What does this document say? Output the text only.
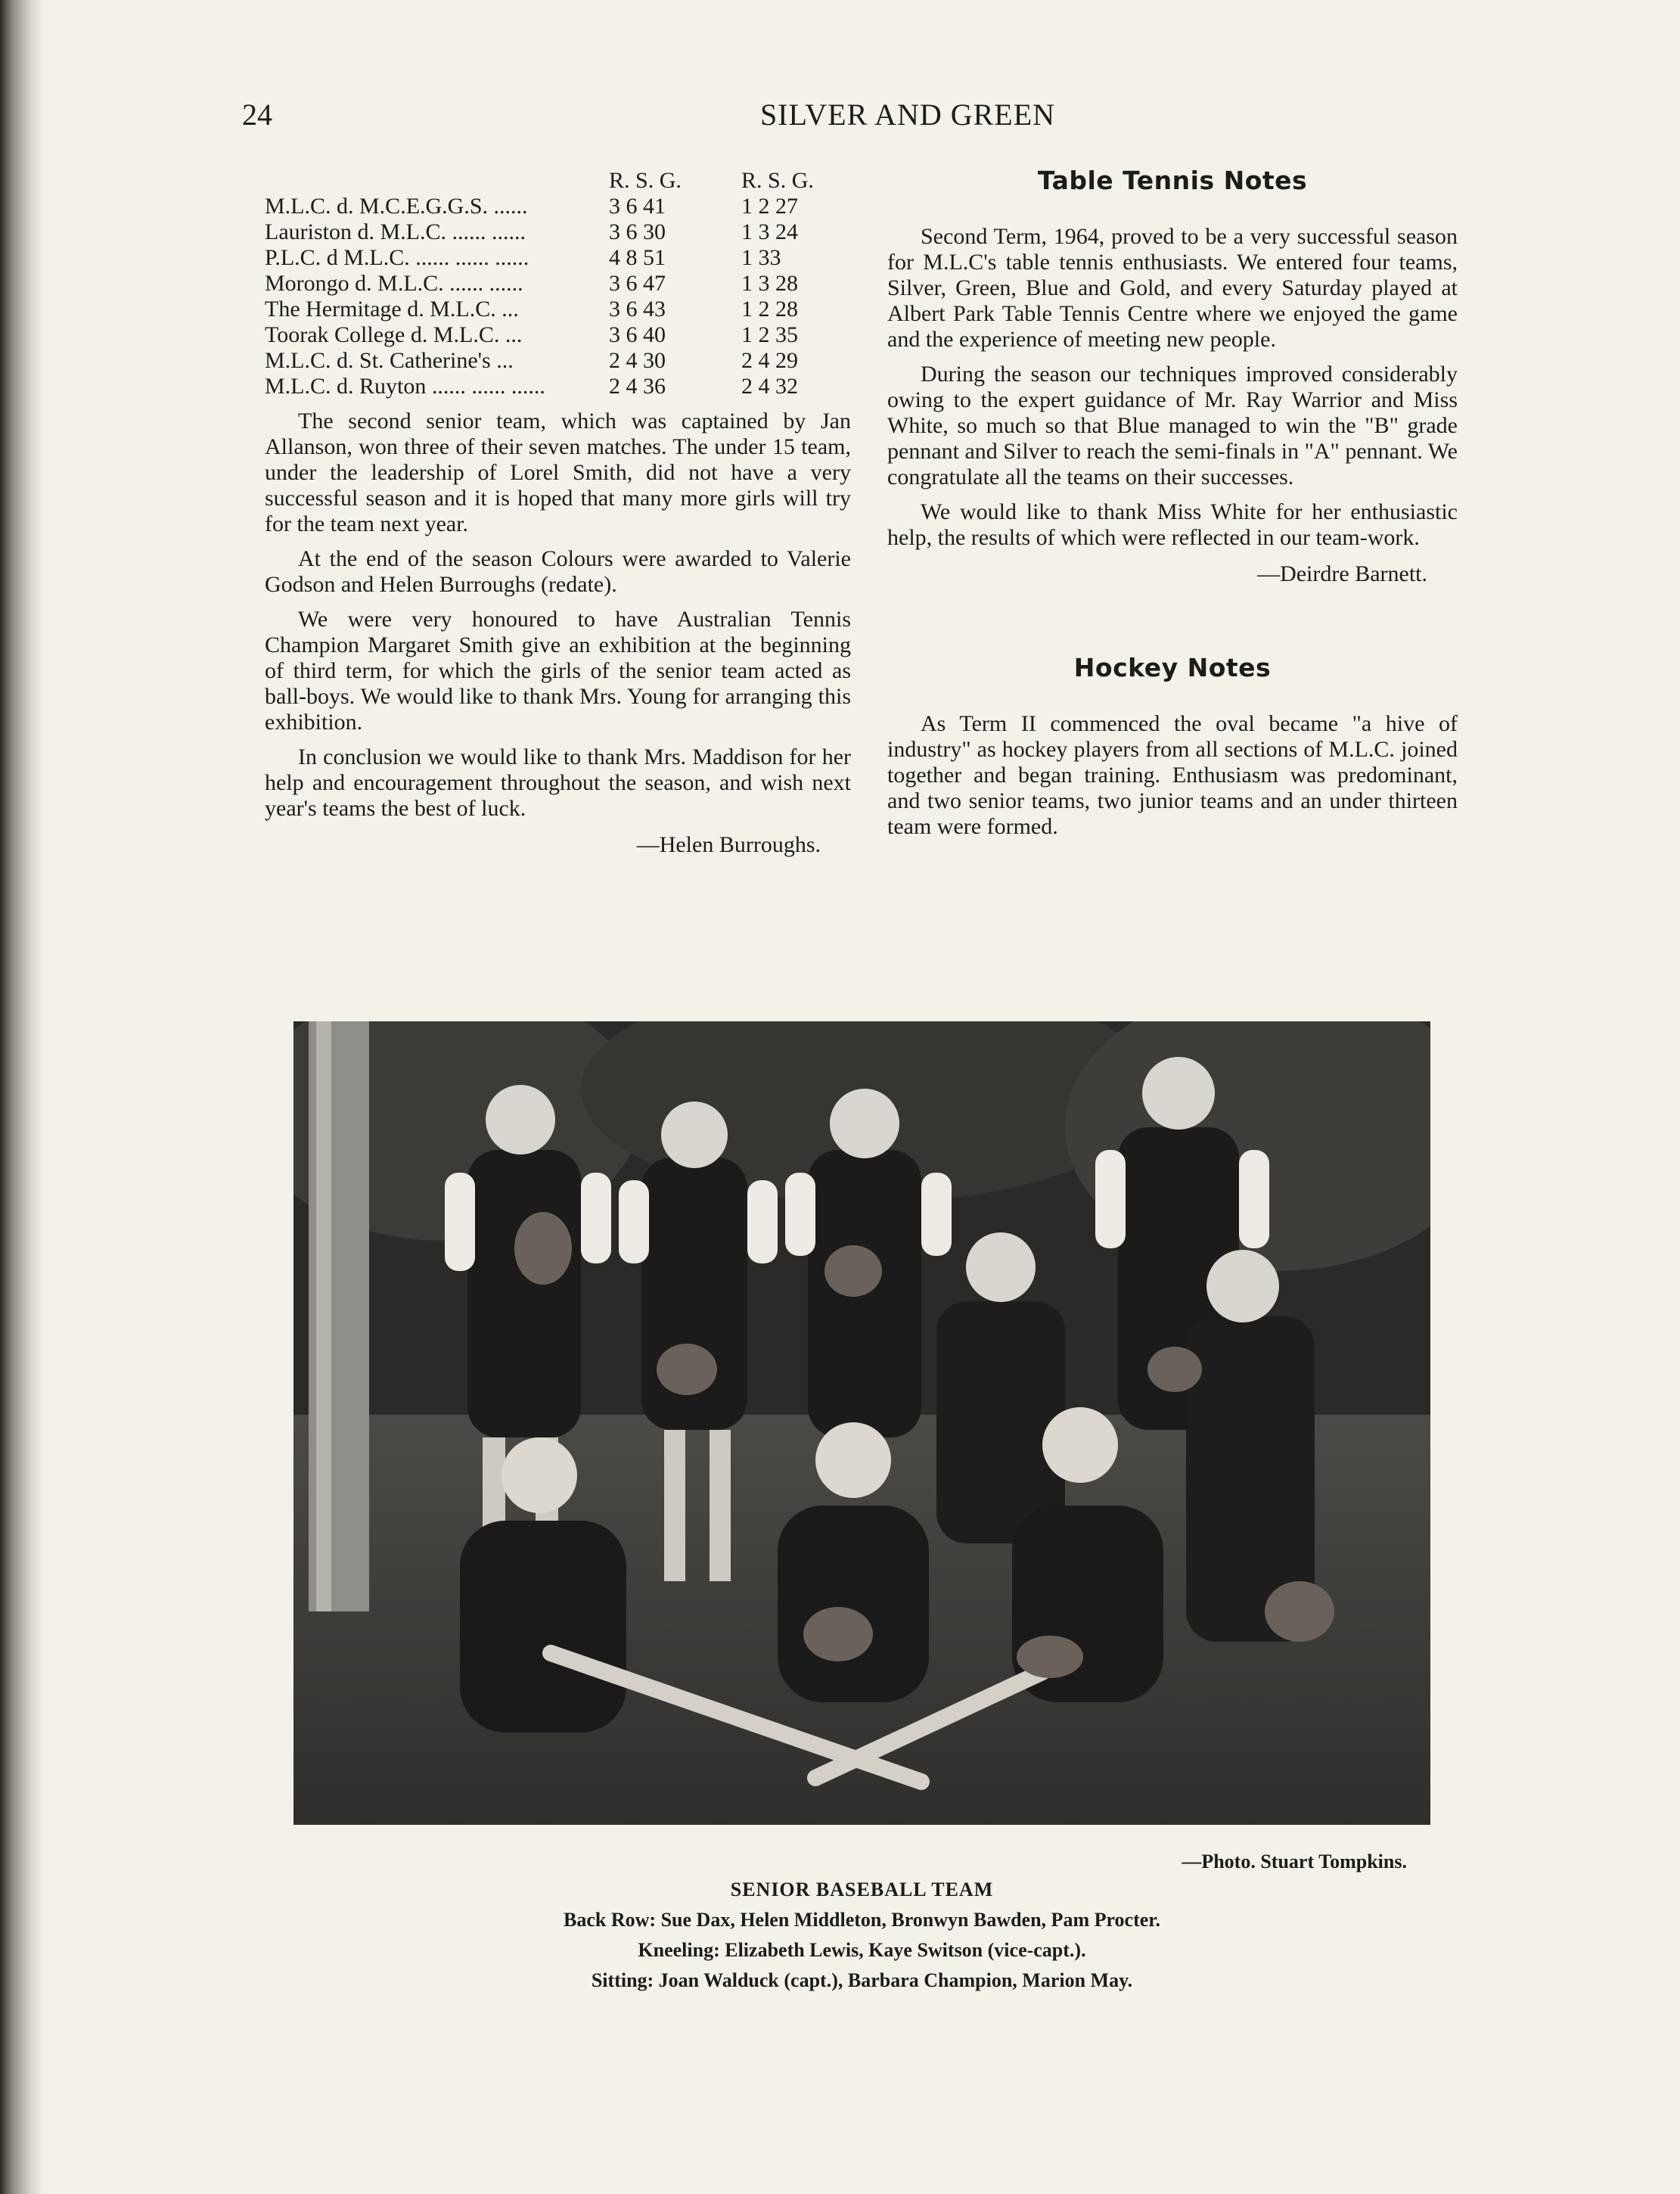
24	SILVER AND GREEN
	R. S. G.	R. S. G.
M.L.C. d. M.C.E.G.G.S. ......	3 6 41	1 2 27
Lauriston d. M.L.C. ...... ......	3 6 30	1 3 24
P.L.C. d M.L.C. ...... ...... ......	4 8 51	1 33
Morongo d. M.L.C. ...... ......	3 6 47	1 3 28
The Hermitage d. M.L.C. ...	3 6 43	1 2 28
Toorak College d. M.L.C. ...	3 6 40	1 2 35
M.L.C. d. St. Catherine's ...	2 4 30	2 4 29
M.L.C. d. Ruyton ...... ...... ......	2 4 36	2 4 32

The second senior team, which was captained by Jan Allanson, won three of their seven matches. The under 15 team, under the leadership of Lorel Smith, did not have a very successful season and it is hoped that many more girls will try for the team next year.

At the end of the season Colours were awarded to Valerie Godson and Helen Burroughs (redate).

We were very honoured to have Australian Tennis Champion Margaret Smith give an exhibition at the beginning of third term, for which the girls of the senior team acted as ball-boys. We would like to thank Mrs. Young for arranging this exhibition.

In conclusion we would like to thank Mrs. Maddison for her help and encouragement throughout the season, and wish next year's teams the best of luck.

—Helen Burroughs.

Table Tennis Notes

Second Term, 1964, proved to be a very successful season for M.L.C's table tennis enthusiasts. We entered four teams, Silver, Green, Blue and Gold, and every Saturday played at Albert Park Table Tennis Centre where we enjoyed the game and the experience of meeting new people.

During the season our techniques improved considerably owing to the expert guidance of Mr. Ray Warrior and Miss White, so much so that Blue managed to win the "B" grade pennant and Silver to reach the semi-finals in "A" pennant. We congratulate all the teams on their successes.

We would like to thank Miss White for her enthusiastic help, the results of which were reflected in our team-work.

—Deirdre Barnett.

Hockey Notes

As Term II commenced the oval became "a hive of industry" as hockey players from all sections of M.L.C. joined together and began training. Enthusiasm was predominant, and two senior teams, two junior teams and an under thirteen team were formed.

—Photo. Stuart Tompkins.
SENIOR BASEBALL TEAM
Back Row: Sue Dax, Helen Middleton, Bronwyn Bawden, Pam Procter.
Kneeling: Elizabeth Lewis, Kaye Switson (vice-capt.).
Sitting: Joan Walduck (capt.), Barbara Champion, Marion May.
